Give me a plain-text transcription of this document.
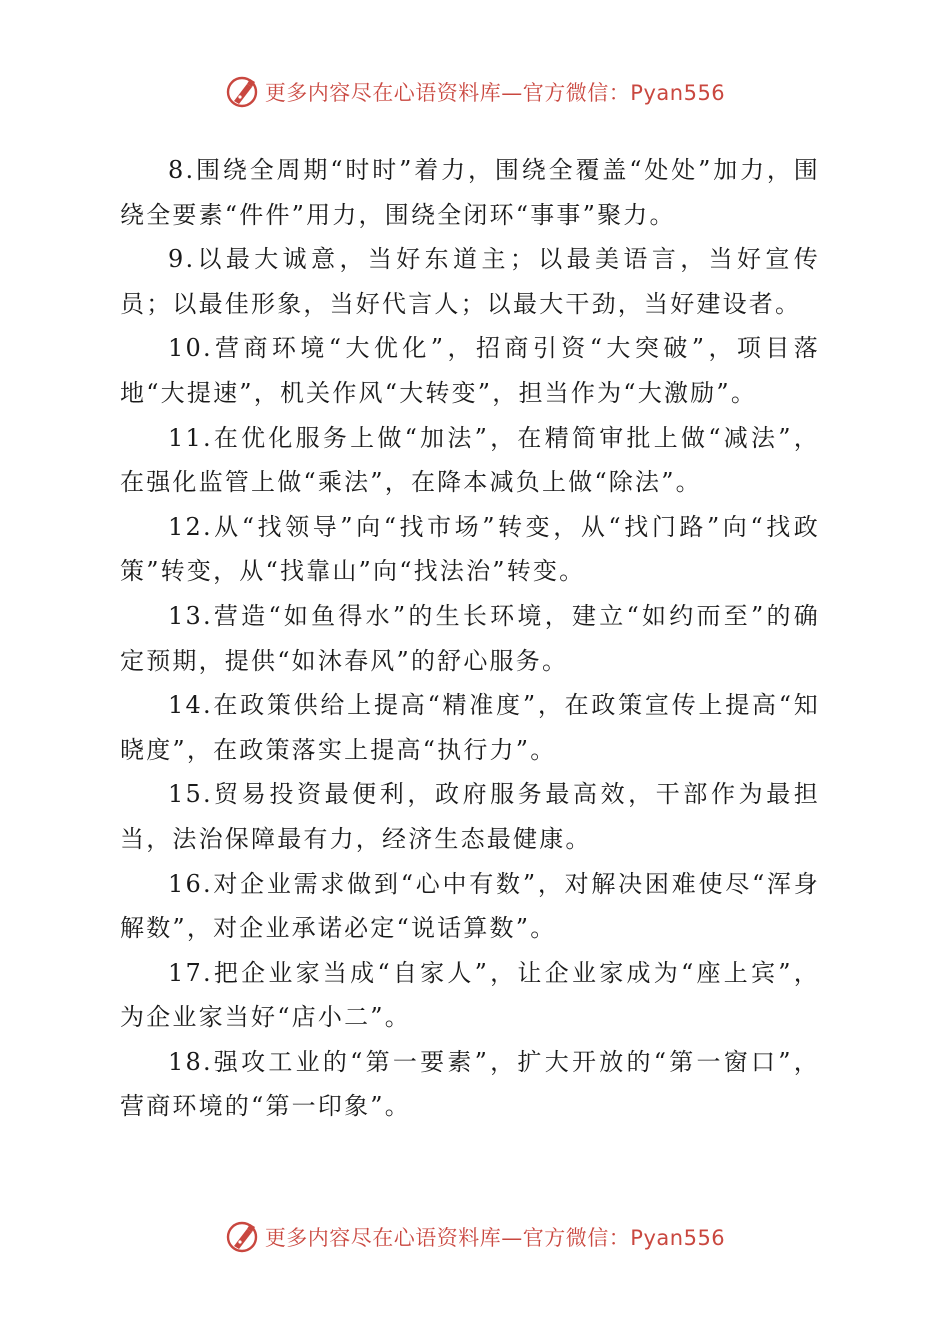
更多内容尽在心语资料库—官方微信：Pyan556

8.围绕全周期“时时”着力，围绕全覆盖“处处”加力，围绕全要素“件件”用力，围绕全闭环“事事”聚力。

9.以最大诚意，当好东道主；以最美语言，当好宣传员；以最佳形象，当好代言人；以最大干劲，当好建设者。

10.营商环境“大优化”，招商引资“大突破”，项目落地“大提速”，机关作风“大转变”，担当作为“大激励”。

11.在优化服务上做“加法”，在精简审批上做“减法”，在强化监管上做“乘法”，在降本减负上做“除法”。

12.从“找领导”向“找市场”转变，从“找门路”向“找政策”转变，从“找靠山”向“找法治”转变。

13.营造“如鱼得水”的生长环境，建立“如约而至”的确定预期，提供“如沐春风”的舒心服务。

14.在政策供给上提高“精准度”，在政策宣传上提高“知晓度”，在政策落实上提高“执行力”。

15.贸易投资最便利，政府服务最高效，干部作为最担当，法治保障最有力，经济生态最健康。

16.对企业需求做到“心中有数”，对解决困难使尽“浑身解数”，对企业承诺必定“说话算数”。

17.把企业家当成“自家人”，让企业家成为“座上宾”，为企业家当好“店小二”。

18.强攻工业的“第一要素”，扩大开放的“第一窗口”，营商环境的“第一印象”。

更多内容尽在心语资料库—官方微信：Pyan556
